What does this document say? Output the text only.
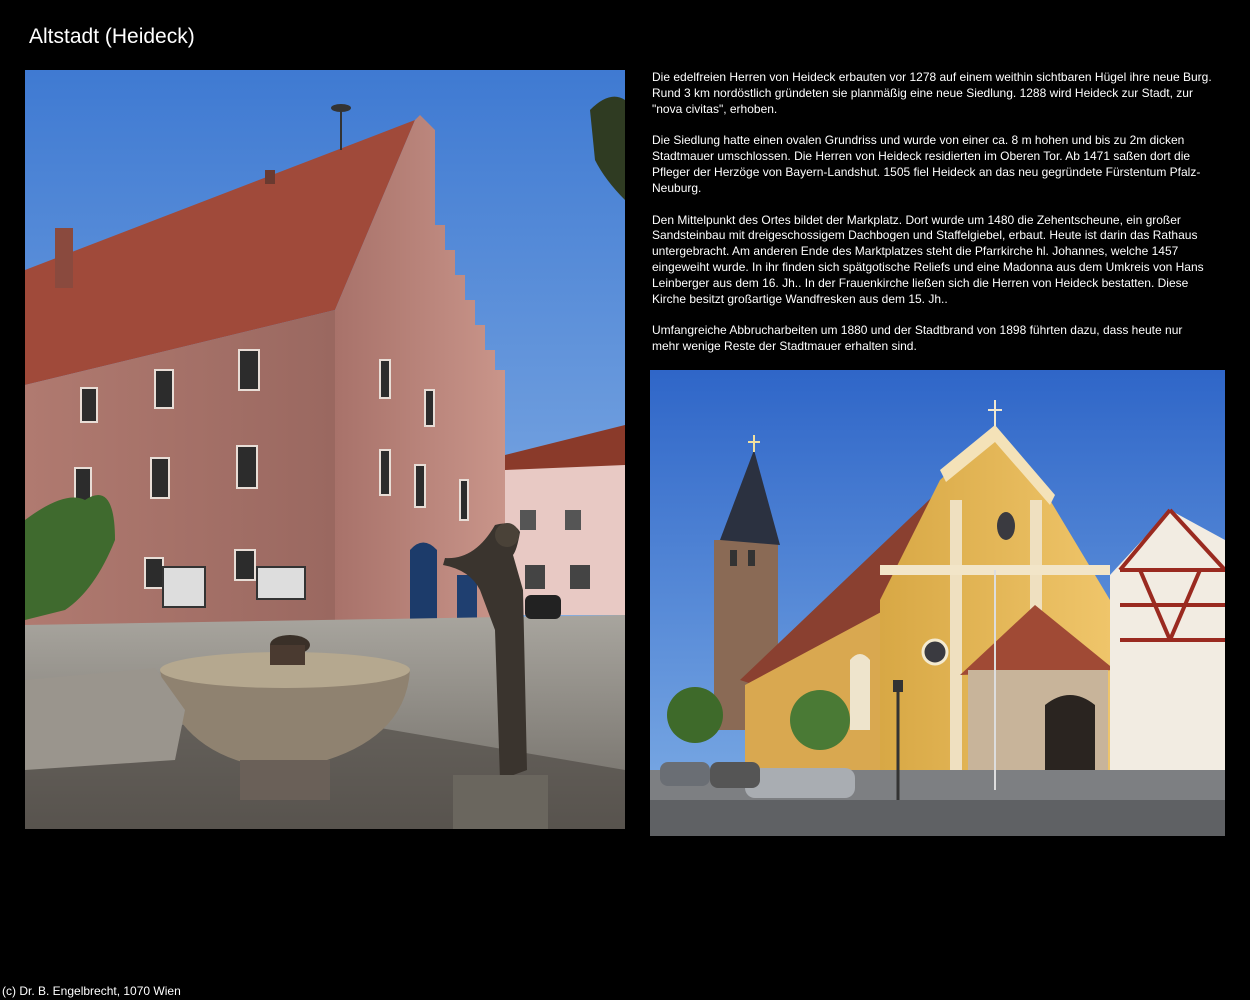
Altstadt (Heideck)

Die edelfreien Herren von Heideck erbauten vor 1278 auf einem weithin sichtbaren Hügel ihre neue Burg. Rund 3 km nordöstlich gründeten sie planmäßig eine neue Siedlung. 1288 wird Heideck zur Stadt, zur "nova civitas", erhoben.

Die Siedlung hatte einen ovalen Grundriss und wurde von einer ca. 8 m hohen und bis zu 2m dicken Stadtmauer umschlossen. Die Herren von Heideck residierten im Oberen Tor. Ab 1471 saßen dort die Pfleger der Herzöge von Bayern-Landshut. 1505 fiel Heideck an das neu gegründete Fürstentum Pfalz-Neuburg.

Den Mittelpunkt des Ortes bildet der Markplatz. Dort wurde um 1480 die Zehentscheune, ein großer Sandsteinbau mit dreigeschossigem Dachbogen und Staffelgiebel, erbaut. Heute ist darin das Rathaus untergebracht. Am anderen Ende des Marktplatzes steht die Pfarrkirche hl. Johannes, welche 1457 eingeweiht wurde. In ihr finden sich spätgotische Reliefs und eine Madonna aus dem Umkreis von Hans Leinberger aus dem 16. Jh.. In der Frauenkirche ließen sich die Herren von Heideck bestatten. Diese Kirche besitzt großartige Wandfresken aus dem 15. Jh..

Umfangreiche Abbrucharbeiten um 1880 und der Stadtbrand von 1898 führten dazu, dass heute nur mehr wenige Reste der Stadtmauer erhalten sind.

(c) Dr. B. Engelbrecht, 1070 Wien
